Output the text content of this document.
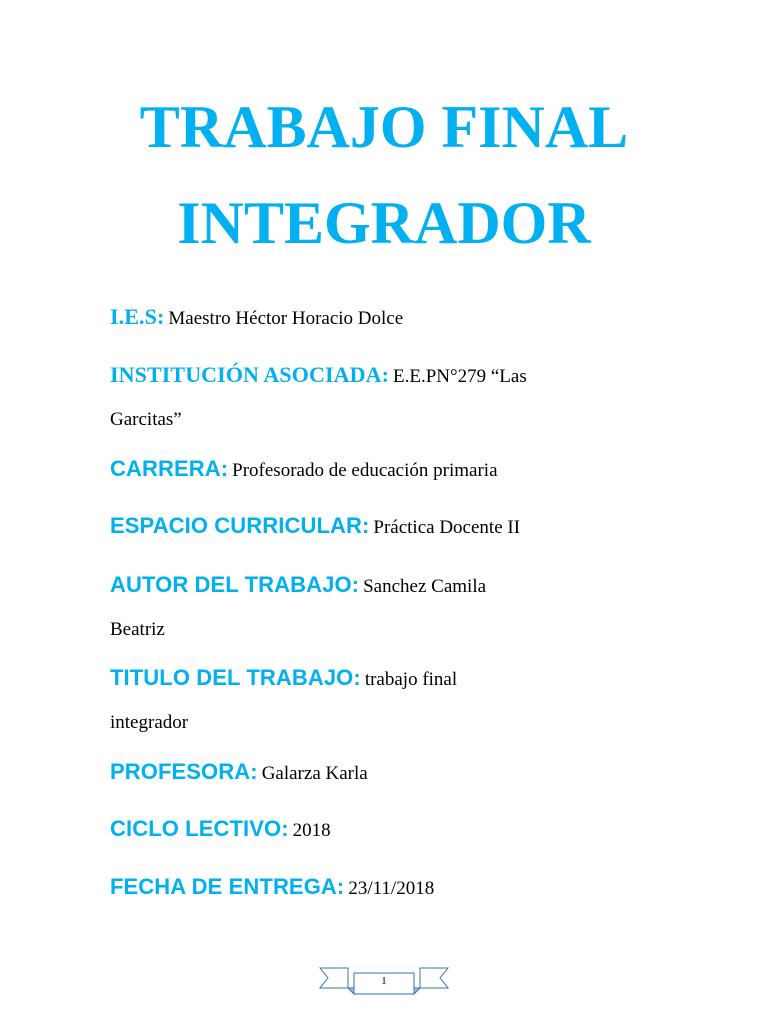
TRABAJO FINAL
INTEGRADOR
I.E.S: Maestro Héctor Horacio Dolce
INSTITUCIÓN ASOCIADA: E.E.PN°279 “Las
Garcitas”
CARRERA: Profesorado de educación primaria
ESPACIO CURRICULAR: Práctica Docente II
AUTOR DEL TRABAJO: Sanchez Camila
Beatriz
TITULO DEL TRABAJO: trabajo final
integrador
PROFESORA: Galarza Karla
CICLO LECTIVO: 2018
FECHA DE ENTREGA: 23/11/2018
1
